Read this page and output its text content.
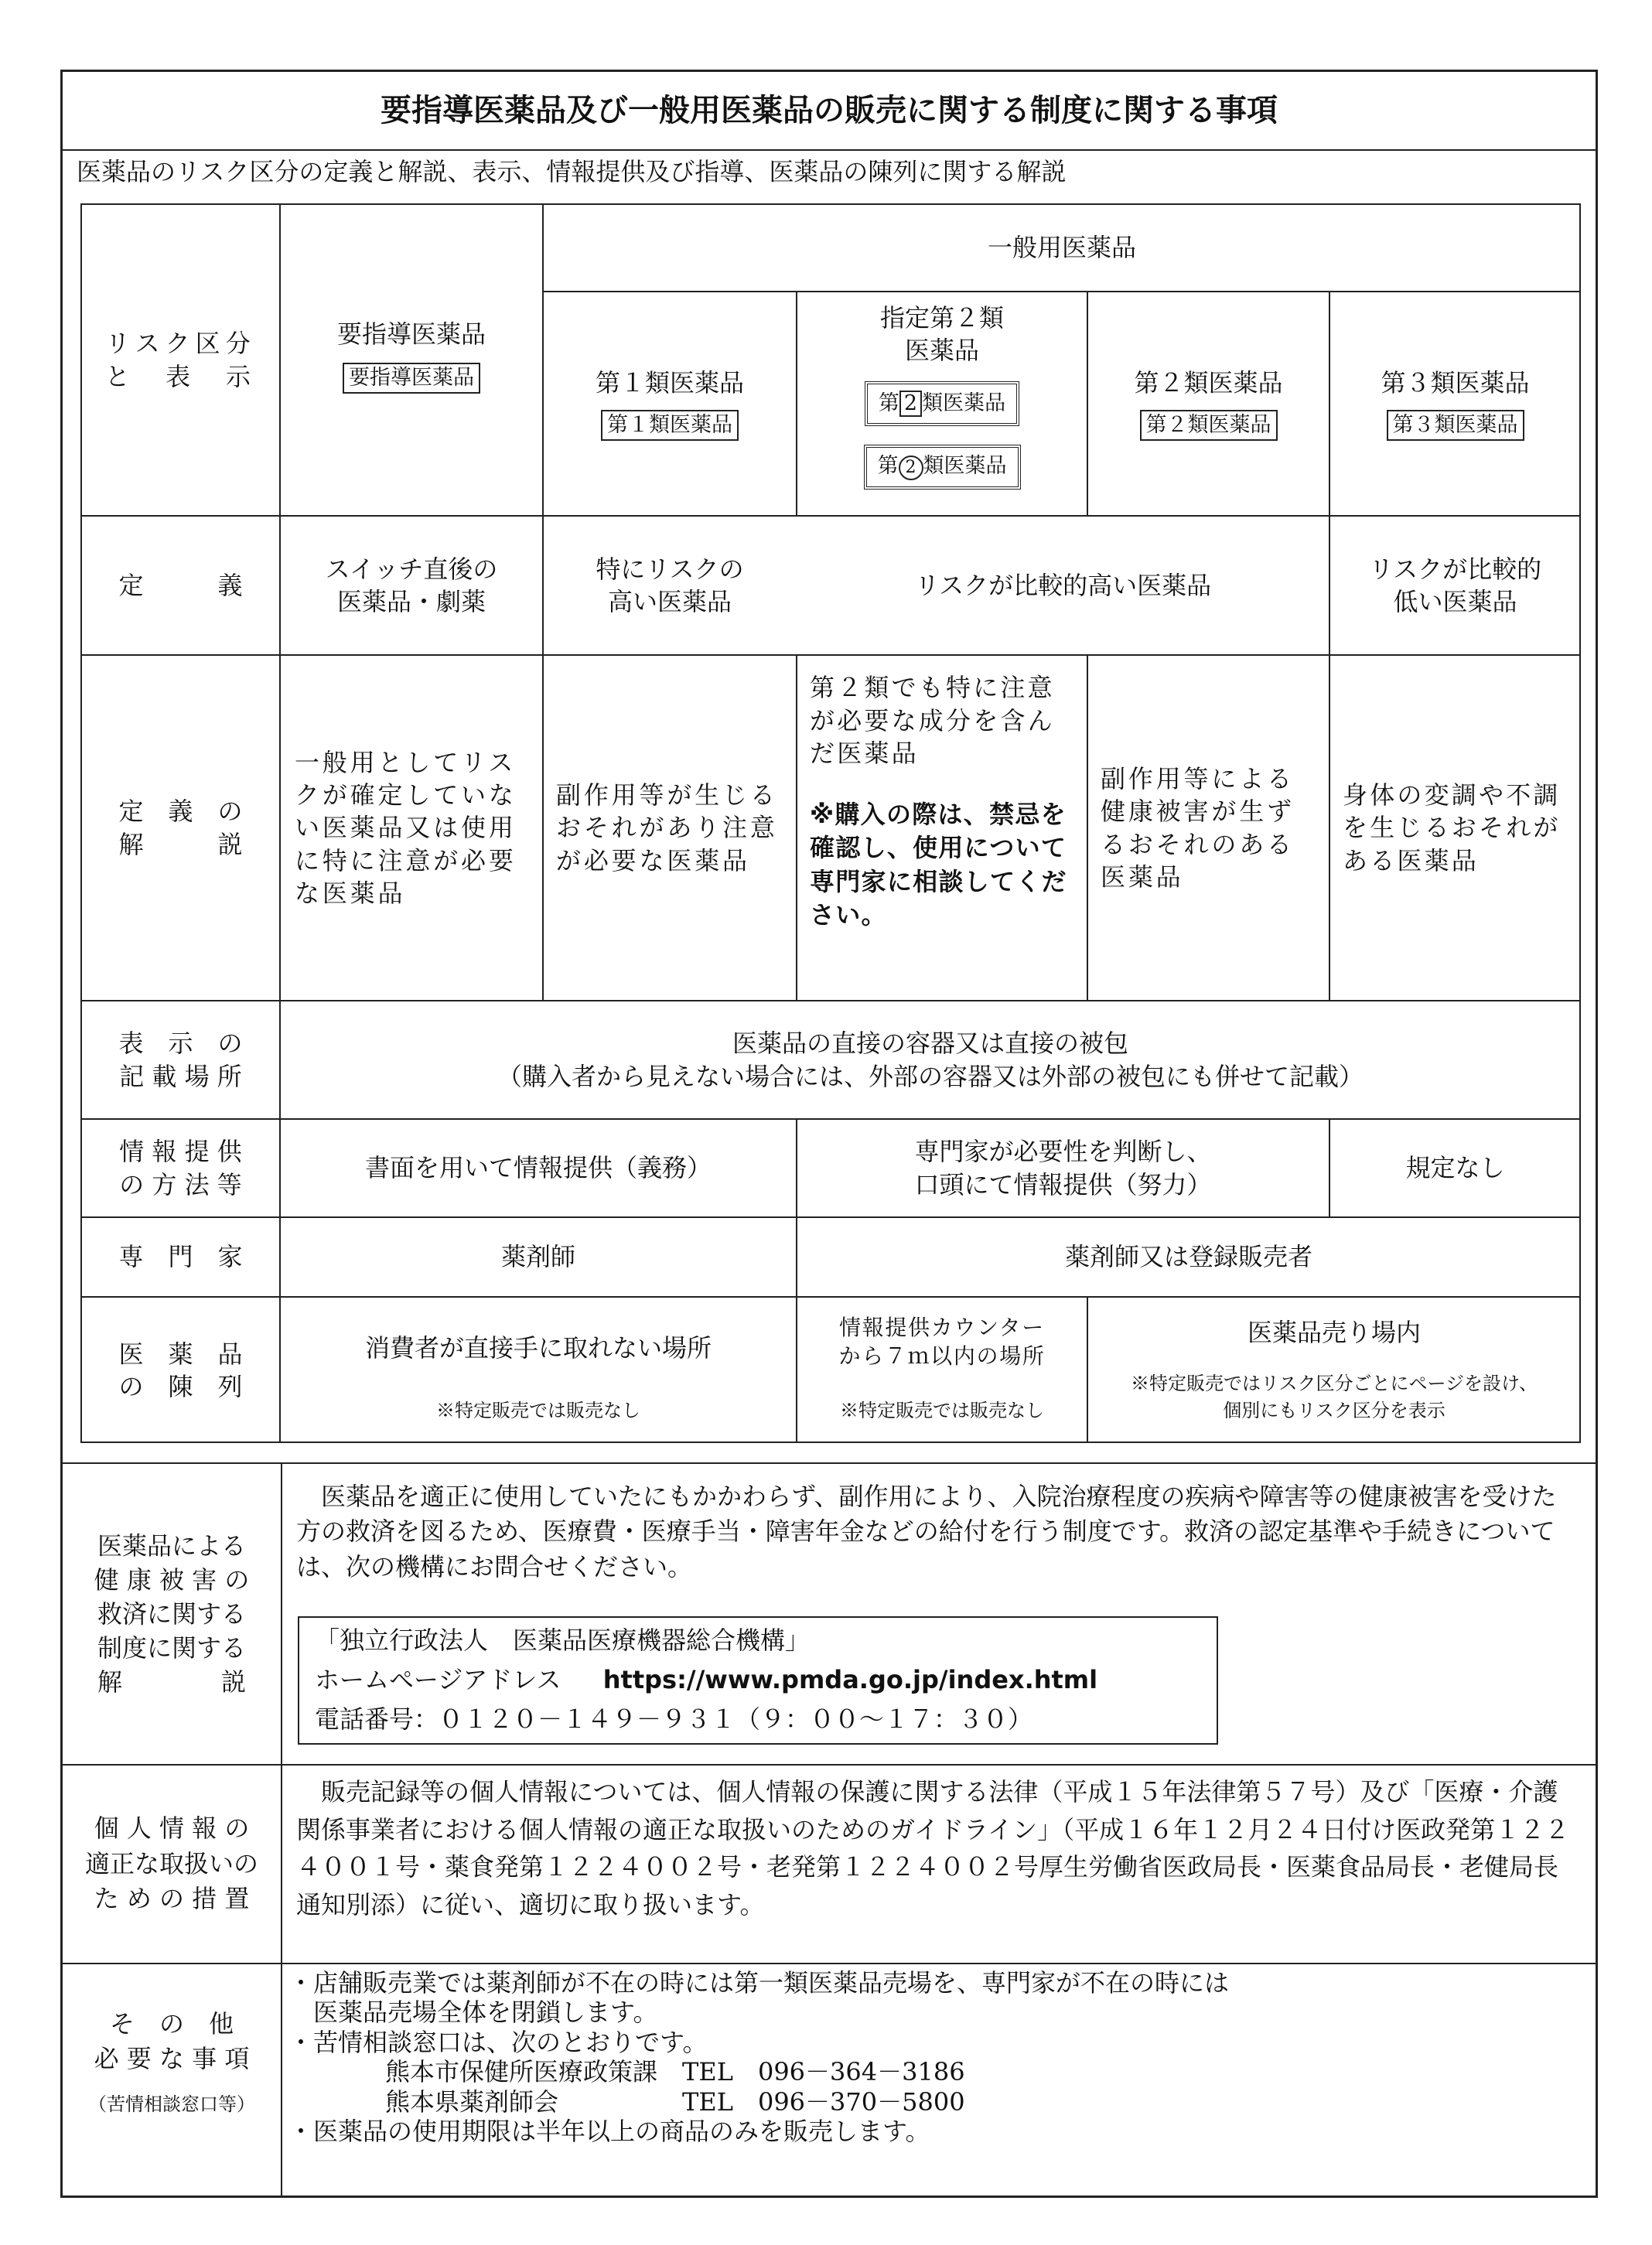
要指導医薬品及び一般用医薬品の販売に関する制度に関する事項
医薬品のリスク区分の定義と解説、表示、情報提供及び指導、医薬品の陳列に関する解説
リスク区分
と　表　示
定　　　義
定　義　の
解　　　説
表　示　の
記 載 場 所
情 報 提 供
の 方 法 等
専　門　家
医　薬　品
の　陳　列
一般用医薬品
要指導医薬品
要指導医薬品	第１類医薬品
第１類医薬品
指定第２類
医薬品
第 2 類医薬品
第 2 類医薬品
第２類医薬品
第２類医薬品
第３類医薬品
第３類医薬品
スイッチ直後の
医薬品・劇薬
特にリスクの
高い医薬品
リスクが比較的高い医薬品
リスクが比較的
低い医薬品
一般用としてリスクが確定していない医薬品又は使用に特に注意が必要な医薬品
副作用等が生じるおそれがあり注意が必要な医薬品
第２類でも特に注意が必要な成分を含んだ医薬品
※購入の際は、禁忌を確認し、使用について専門家に相談してください。
副作用等による健康被害が生ずるおそれのある医薬品
身体の変調や不調を生じるおそれがある医薬品
医薬品の直接の容器又は直接の被包
（購入者から見えない場合には、外部の容器又は外部の被包にも併せて記載）
書面を用いて情報提供（義務）
専門家が必要性を判断し、
口頭にて情報提供（努力）
規定なし
薬剤師	薬剤師又は登録販売者
消費者が直接手に取れない場所
※特定販売では販売なし
情報提供カウンター
から７ｍ以内の場所
※特定販売では販売なし
医薬品売り場内
※特定販売ではリスク区分ごとにページを設け、
個別にもリスク区分を表示
医薬品による
健 康 被 害 の
救済に関する
制度に関する
解　　　　説
　医薬品を適正に使用していたにもかかわらず、副作用により、入院治療程度の疾病や障害等の健康被害を受けた方の救済を図るため、医療費・医療手当・障害年金などの給付を行う制度です。救済の認定基準や手続きについては、次の機構にお問合せください。
「独立行政法人　医薬品医療機器総合機構」
ホームページアドレス https://www.pmda.go.jp/index.html
電話番号：０１２０－１４９－９３１（９：００～１７：３０）
個 人 情 報 の
適正な取扱いの
た め の 措 置
　販売記録等の個人情報については、個人情報の保護に関する法律（平成１５年法律第５７号）及び「医療・介護関係事業者における個人情報の適正な取扱いのためのガイドライン」（平成１６年１２月２４日付け医政発第１２２４００１号・薬食発第１２２４００２号・老発第１２２４００２号厚生労働省医政局長・医薬食品局長・老健局長通知別添）に従い、適切に取り扱います。
そ　の　他
必 要 な 事 項
（苦情相談窓口等）
・店舗販売業では薬剤師が不在の時には第一類医薬品売場を、専門家が不在の時には
　医薬品売場全体を閉鎖します。
・苦情相談窓口は、次のとおりです。
熊本市保健所医療政策課　TEL　096－364－3186
熊本県薬剤師会　　　　　TEL　096－370－5800
・医薬品の使用期限は半年以上の商品のみを販売します。
